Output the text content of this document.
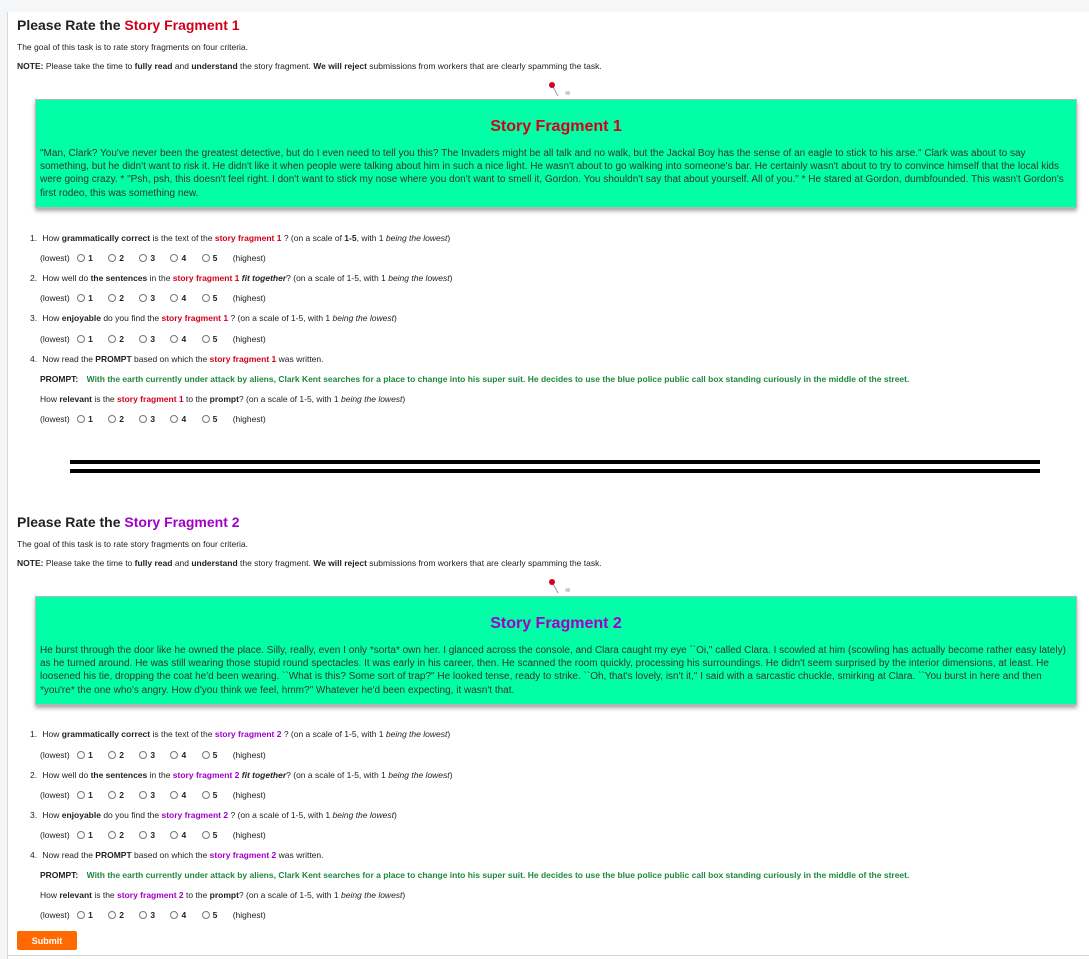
Please Rate the Story Fragment 1

The goal of this task is to rate story fragments on four criteria.

NOTE: Please take the time to fully read and understand the story fragment. We will reject submissions from workers that are clearly spamming the task.

Story Fragment 1
"Man, Clark? You've never been the greatest detective, but do I even need to tell you this? The Invaders might be all talk and no walk, but the Jackal Boy has the sense of an eagle to stick to his arse." Clark was about to say something, but he didn't want to risk it. He didn't like it when people were talking about him in such a nice light. He wasn't about to go walking into someone's bar. He certainly wasn't about to try to convince himself that the local kids were going crazy. * "Psh, psh, this doesn't feel right. I don't want to stick my nose where you don't want to smell it, Gordon. You shouldn't say that about yourself. All of you." * He stared at Gordon, dumbfounded. This wasn't Gordon's first rodeo, this was something new.
1. How grammatically correct is the text of the story fragment 1 ? (on a scale of 1-5, with 1 being the lowest)
(lowest) 1	2	3	4	5 (highest)
2. How well do the sentences in the story fragment 1 fit together? (on a scale of 1-5, with 1 being the lowest)
(lowest) 1	2	3	4	5 (highest)
3. How enjoyable do you find the story fragment 1 ? (on a scale of 1-5, with 1 being the lowest)
(lowest) 1	2	3	4	5 (highest)
4. Now read the PROMPT based on which the story fragment 1 was written.
PROMPT: With the earth currently under attack by aliens, Clark Kent searches for a place to change into his super suit. He decides to use the blue police public call box standing curiously in the middle of the street.
How relevant is the story fragment 1 to the prompt? (on a scale of 1-5, with 1 being the lowest)
(lowest) 1	2	3	4	5 (highest)
Please Rate the Story Fragment 2

The goal of this task is to rate story fragments on four criteria.

NOTE: Please take the time to fully read and understand the story fragment. We will reject submissions from workers that are clearly spamming the task.

Story Fragment 2
He burst through the door like he owned the place. Silly, really, even I only *sorta* own her. I glanced across the console, and Clara caught my eye ``Oi," called Clara. I scowled at him (scowling has actually become rather easy lately) as he turned around. He was still wearing those stupid round spectacles. It was early in his career, then. He scanned the room quickly, processing his surroundings. He didn't seem surprised by the interior dimensions, at least. He loosened his tie, dropping the coat he'd been wearing. ``What is this? Some sort of trap?" He looked tense, ready to strike. ``Oh, that's lovely, isn't it," I said with a sarcastic chuckle, smirking at Clara. ``You burst in here and then *you're* the one who's angry. How d'you think we feel, hmm?" Whatever he'd been expecting, it wasn't that.
1. How grammatically correct is the text of the story fragment 2 ? (on a scale of 1-5, with 1 being the lowest)
(lowest) 1	2	3	4	5 (highest)
2. How well do the sentences in the story fragment 2 fit together? (on a scale of 1-5, with 1 being the lowest)
(lowest) 1	2	3	4	5 (highest)
3. How enjoyable do you find the story fragment 2 ? (on a scale of 1-5, with 1 being the lowest)
(lowest) 1	2	3	4	5 (highest)
4. Now read the PROMPT based on which the story fragment 2 was written.
PROMPT: With the earth currently under attack by aliens, Clark Kent searches for a place to change into his super suit. He decides to use the blue police public call box standing curiously in the middle of the street.
How relevant is the story fragment 2 to the prompt? (on a scale of 1-5, with 1 being the lowest)
(lowest) 1	2	3	4	5 (highest)
Submit
